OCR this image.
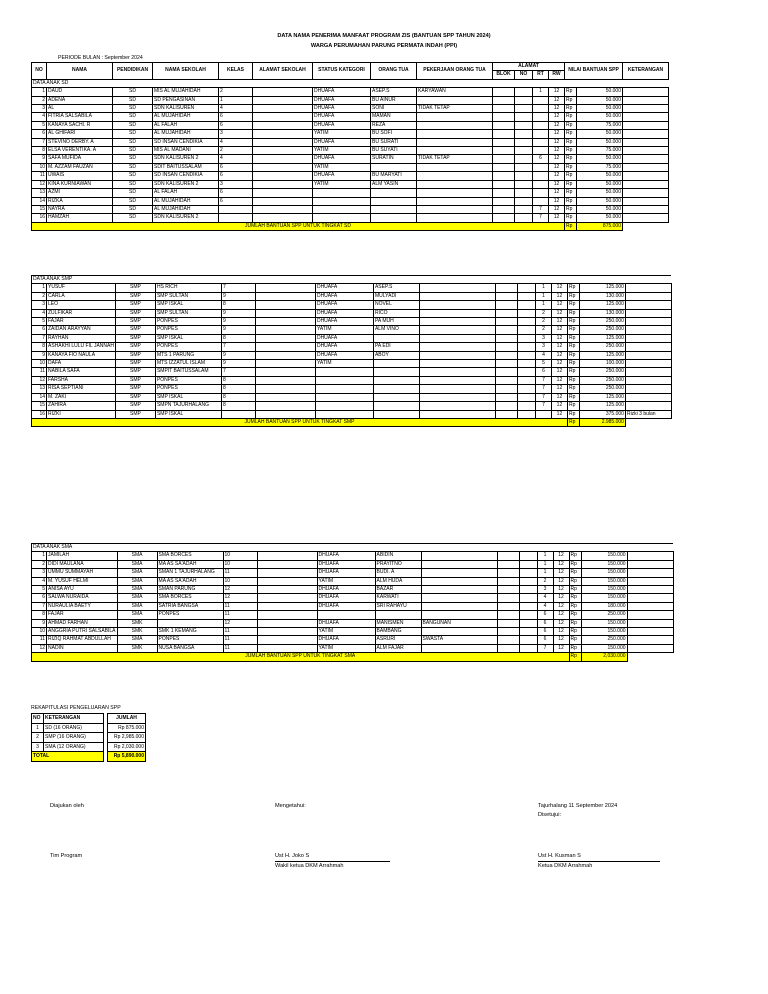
DATA NAMA PENERIMA MANFAAT PROGRAM ZIS (BANTUAN SPP TAHUN 2024)
WARGA PERUMAHAN PARUNG PERMATA INDAH (PPI)
PERIODE BULAN : September 2024
NO	NAMA	PENDIDIKAN	NAMA SEKOLAH	KELAS	ALAMAT SEKOLAH	STATUS KATEGORI	ORANG TUA	PEKERJAAN ORANG TUA	ALAMAT				NILAI BANTUAN SPP		KETERANGAN
									BLOK	NO	RT	RW			
DATA ANAK SD															
1	DAUD	SD	MIS AL MUJAHIDAH	2		DHUAFA	ASEP.S	KARYAWAN			1	12	Rp	50.000	
2	ADENA	SD	SD PENGASINAN	1		DHUAFA	BU AINUR					12	Rp	50.000	
3	AL	SD	SDN KALISUREN	4		DHUAFA	SONI	TIDAK TETAP				12	Rp	50.000	
4	FITRIA SALSABILA	SD	AL MUJAHIDAH	6		DHUAFA	MAMAN					12	Rp	50.000	
5	KANAYA SACHI. R	SD	AL FALAH	6		DHUAFA	REZA					12	Rp	75.000	
6	AL GHIFARI	SD	AL MUJAHIDAH	3		YATIM	BU SOFI					12	Rp	50.000	
7	STEVINO DERBY. A	SD	SD INSAN CENDIKIA	4		DHUAFA	BU SURATI					12	Rp	50.000	
8	ELSA VERENTIKA. A	SD	MIS AL MADANI	2		YATIM	BU SUYATI					12	Rp	75.000	
9	SAFA MUFIDA	SD	SDN KALISUREN 2	4		DHUAFA	SURATIN	TIDAK TETAP			6	12	Rp	50.000	
10	M. AZZAM FAUZAN	SD	SDIT BAITUSSALAM	6		YATIM						12	Rp	75.000	
11	UWAIS	SD	SD INSAN CENDIKIA	6		DHUAFA	BU MARYATI					12	Rp	50.000	
12	KINA KURNIAWAN	SD	SDN KALISUREN 2	3		YATIM	ALM YASIN					12	Rp	50.000	
13	AZMI	SD	AL FALAH	6								12	Rp	50.000	
14	RIZKA	SD	AL MUJAHIDAH	6								12	Rp	50.000	
15	NAYRA	SD	AL MUJAHIDAH								7	12	Rp	50.000	
16	HAMZAH	SD	SDN KALISUREN 2								7	12	Rp	50.000	
JUMLAH BANTUAN SPP UNTUK TINGKAT SD													Rp	875.000	
DATA ANAK SMP															
1	YUSUF	SMP	HS RICH	7		DHUAFA	ASEP.S				1	12	Rp	125.000	
2	CARLA	SMP	SMP SULTAN	9		DHUAFA	MULYADI				1	12	Rp	130.000	
3	LEO	SMP	SMP ISKAL	8		DHUAFA	NOVEL				1	12	Rp	125.000	
4	ZULFIKAR	SMP	SMP SULTAN	9		DHUAFA	RICO				2	12	Rp	130.000	
5	FAJAR	SMP	PONPES	9		DHUAFA	PA MUH				2	12	Rp	250.000	
6	ZAIDAN ARAYYAN	SMP	PONPES	9		YATIM	ALM VINO				2	12	Rp	250.000	
7	RAYHAN	SMP	SMP ISKAL	8		DHUAFA					3	12	Rp	125.000	
8	ASHAKHI LULU FIL JANNAH	SMP	PONPES	7		DHUAFA	PA EDI				3	12	Rp	250.000	
9	KANAYA FIO NAULA	SMP	MTS 1 PARUNG	9		DHUAFA	ABOY				4	12	Rp	125.000	
10	DAFA	SMP	MTS IZZATUL ISLAM	9		YATIM					5	12	Rp	100.000	
11	NABILA SAFA	SMP	SMPIT BAITUSSALAM	7							6	12	Rp	250.000	
12	FARSHA	SMP	PONPES	8							7	12	Rp	250.000	
13	RISA SEPTIANI	SMP	PONPES	8							7	12	Rp	250.000	
14	M. ZAKI	SMP	SMP ISKAL	8							7	12	Rp	125.000	
15	ZAHIRA	SMP	SMPN TAJURHALANG	8							7	12	Rp	125.000	
16	RIZKI	SMP	SMP ISKAL									12	Rp	375.000	Rizki 3 bulan
JUMLAH BANTUAN SPP UNTUK TINGKAT SMP													Rp	2.985.000	
DATA ANAK SMA															
1	JAMILAH	SMA	SMA BORCES	10		DHUAFA	ABIDIN				1	12	Rp	150.000	
2	DIDI MAULANA	SMA	MA AS SA'ADAH	10		DHUAFA	PRAYITNO				1	12	Rp	150.000	
3	UMMU SUMMAYAH	SMA	SMAN 1 TAJURHALANG	11		DHUAFA	BUDI. A				1	12	Rp	150.000	
4	M. YUSUF HELMI	SMA	MA AS SA'ADAH	10		YATIM	ALM HUDA				2	12	Rp	150.000	
5	ANISA AYU	SMA	SMAN PARUNG	12		DHUAFA	BAZAR				3	12	Rp	150.000	
6	SALWA NURAIDA	SMA	SMA BORCES	12		DHUAFA	KARWATI				4	12	Rp	150.000	
7	NURAULIA BAETY	SMA	SATRIA BANGSA	11		DHUAFA	SRI RAHAYU				4	12	Rp	180.000	
8	FAJAR	SMA	PONPES	11							6	12	Rp	250.000	
9	AHMAD FARHAN	SMK		12		DHUAFA	MANISMEN	BANGUNAN			6	12	Rp	150.000	
10	ANGGRIA PUTRI SALSABILA	SMK	SMK 1 KEMANG	11		YATIM	BAMBANG				6	12	Rp	150.000	
11	RIZIQ RAHMAT ABDULLAH	SMA	PONPES	11		DHUAFA	ASRURI	SWASTA			6	12	Rp	250.000	
12	NADIN	SMK	NUSA BANGSA	11		YATIM	ALM FAJAR				7	12	Rp	150.000	
JUMLAH BANTUAN SPP UNTUK TINGKAT SMA													Rp	2,030.000	
REKAPITULASI PENGELUARAN SPP
NO	KETERANGAN		JUMLAH
1	SD (16 ORANG)		Rp 875.000
2	SMP (16 ORANG)		Rp 2,985.000
3	SMA (12 ORANG)		Rp 2,030.000
TOTAL			Rp 5,890.000
Diajukan oleh	Mengetahui:	Tajurhalang 11 September 2024
Disetujui:
Tim Program	Ust H. Joko S
Wakil ketua DKM Arrahmah
Ust H. Kusman S
Ketua DKM Arrahmah
